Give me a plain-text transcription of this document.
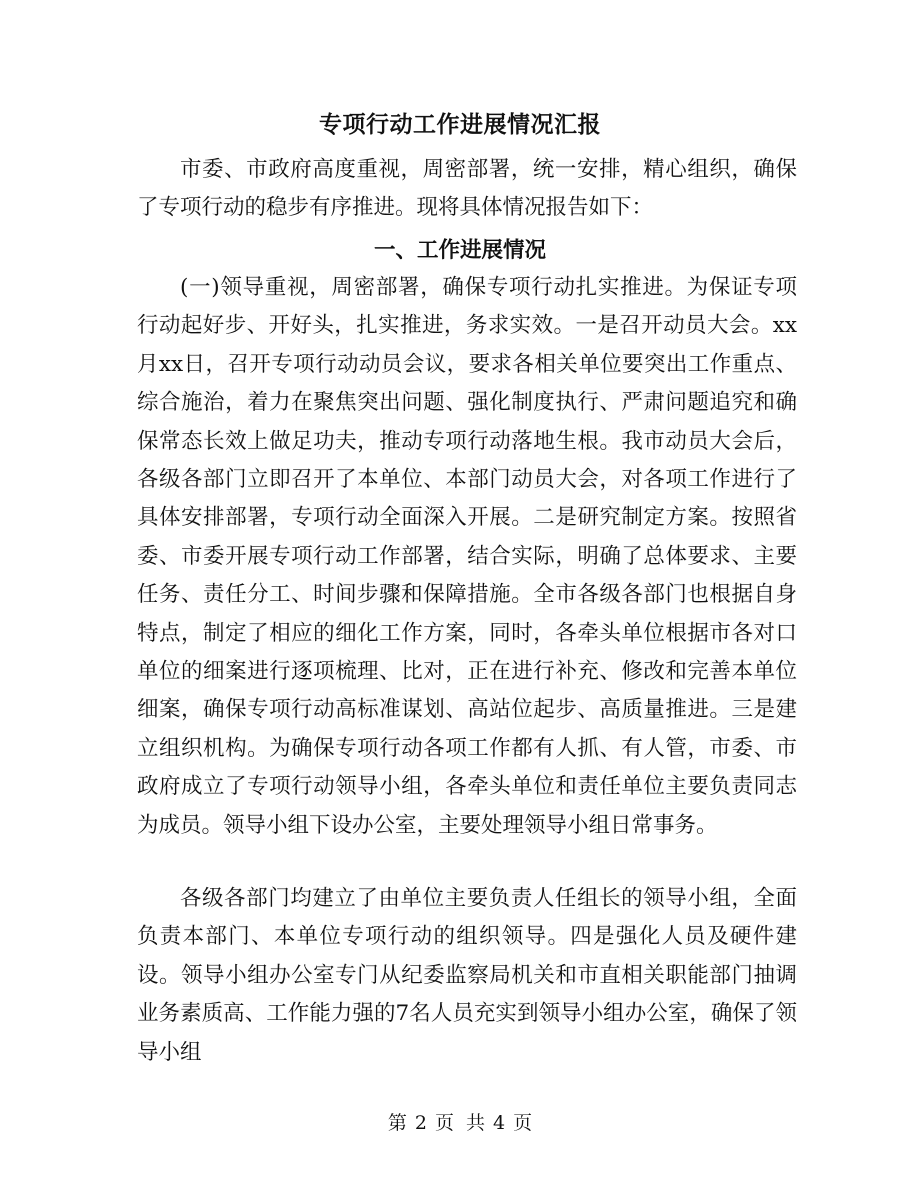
专项行动工作进展情况汇报

市委、市政府高度重视，周密部署，统一安排，精心组织，确保了专项行动的稳步有序推进。现将具体情况报告如下：

一、工作进展情况

(一)领导重视，周密部署，确保专项行动扎实推进。为保证专项行动起好步、开好头，扎实推进，务求实效。一是召开动员大会。xx月xx日，召开专项行动动员会议，要求各相关单位要突出工作重点、综合施治，着力在聚焦突出问题、强化制度执行、严肃问题追究和确保常态长效上做足功夫，推动专项行动落地生根。我市动员大会后，各级各部门立即召开了本单位、本部门动员大会，对各项工作进行了具体安排部署，专项行动全面深入开展。二是研究制定方案。按照省委、市委开展专项行动工作部署，结合实际，明确了总体要求、主要任务、责任分工、时间步骤和保障措施。全市各级各部门也根据自身特点，制定了相应的细化工作方案，同时，各牵头单位根据市各对口单位的细案进行逐项梳理、比对，正在进行补充、修改和完善本单位细案，确保专项行动高标准谋划、高站位起步、高质量推进。三是建立组织机构。为确保专项行动各项工作都有人抓、有人管，市委、市政府成立了专项行动领导小组，各牵头单位和责任单位主要负责同志为成员。领导小组下设办公室，主要处理领导小组日常事务。

各级各部门均建立了由单位主要负责人任组长的领导小组，全面负责本部门、本单位专项行动的组织领导。四是强化人员及硬件建设。领导小组办公室专门从纪委监察局机关和市直相关职能部门抽调业务素质高、工作能力强的7名人员充实到领导小组办公室，确保了领导小组

第 2 页 共 4 页
